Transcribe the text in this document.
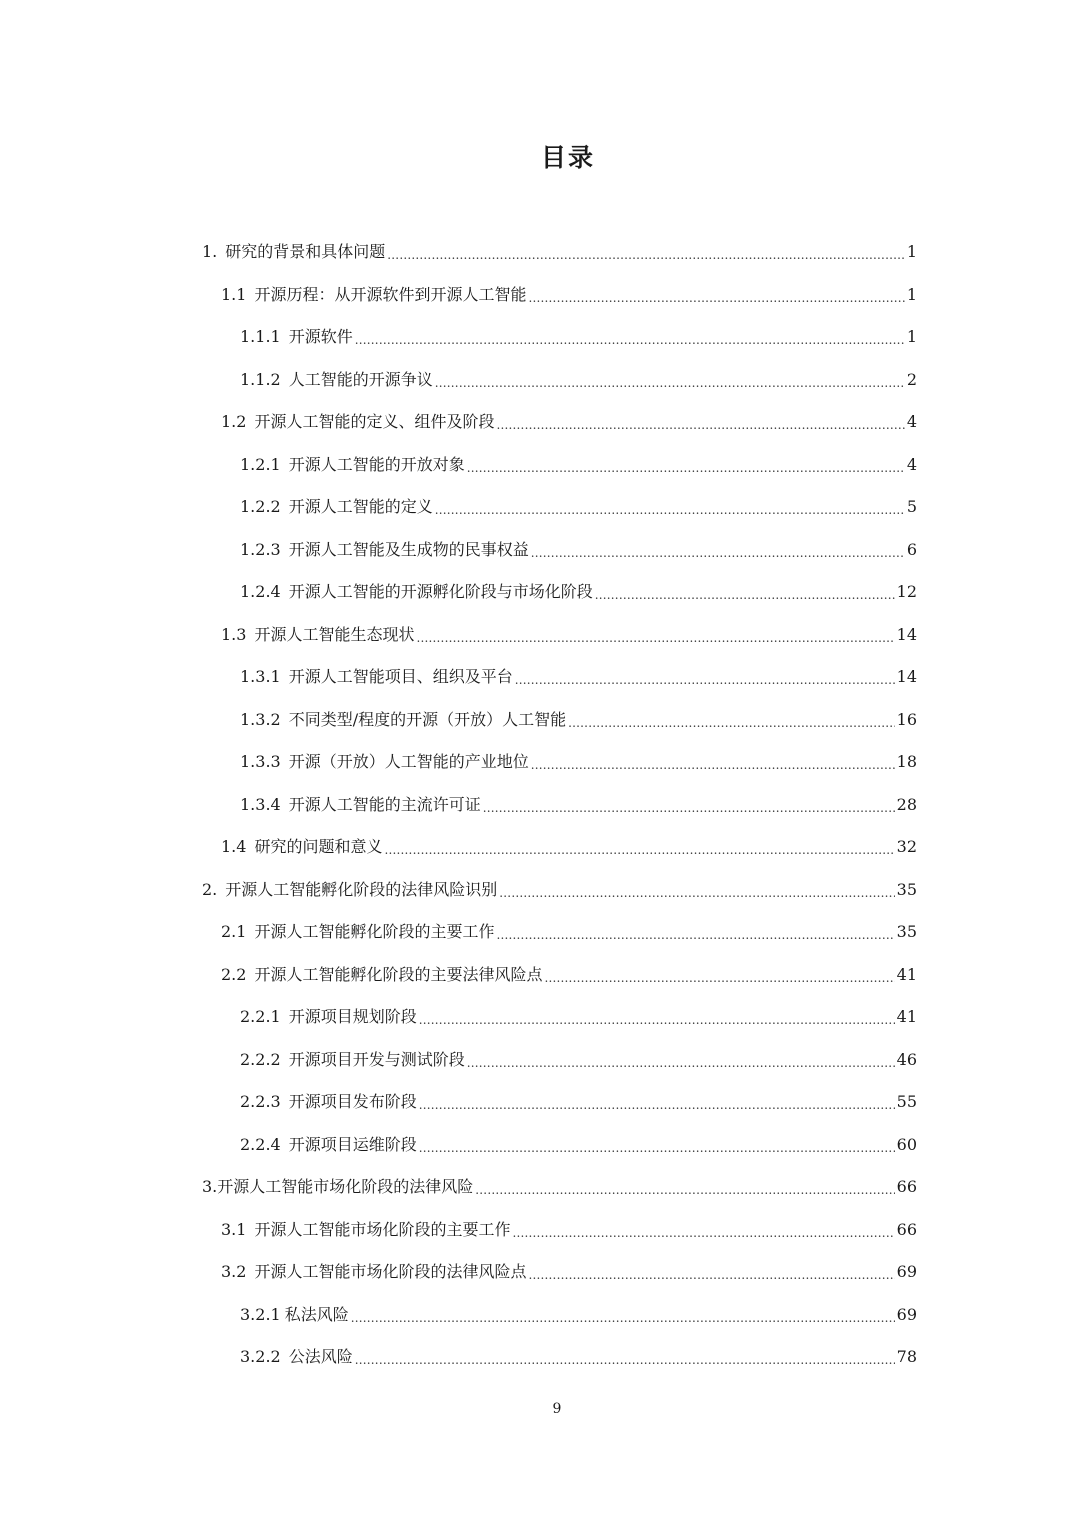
目录
1. 研究的背景和具体问题 .....	1
1.1 开源历程：从开源软件到开源人工智能 .....	1
1.1.1 开源软件 .....	1
1.1.2 人工智能的开源争议 .....	2
1.2 开源人工智能的定义、组件及阶段 .....	4
1.2.1 开源人工智能的开放对象 .....	4
1.2.2 开源人工智能的定义 .....	5
1.2.3 开源人工智能及生成物的民事权益 .....	6
1.2.4 开源人工智能的开源孵化阶段与市场化阶段 .....	12
1.3 开源人工智能生态现状 .....	14
1.3.1 开源人工智能项目、组织及平台 .....	14
1.3.2 不同类型/程度的开源（开放）人工智能 .....	16
1.3.3 开源（开放）人工智能的产业地位 .....	18
1.3.4 开源人工智能的主流许可证 .....	28
1.4 研究的问题和意义 .....	32
2. 开源人工智能孵化阶段的法律风险识别 .....	35
2.1 开源人工智能孵化阶段的主要工作 .....	35
2.2 开源人工智能孵化阶段的主要法律风险点 .....	41
2.2.1 开源项目规划阶段 .....	41
2.2.2 开源项目开发与测试阶段 .....	46
2.2.3 开源项目发布阶段 .....	55
2.2.4 开源项目运维阶段 .....	60
3. 开源人工智能市场化阶段的法律风险 .....	66
3.1 开源人工智能市场化阶段的主要工作 .....	66
3.2 开源人工智能市场化阶段的法律风险点 .....	69
3.2.1 私法风险 .....	69
3.2.2 公法风险 .....	78
9
